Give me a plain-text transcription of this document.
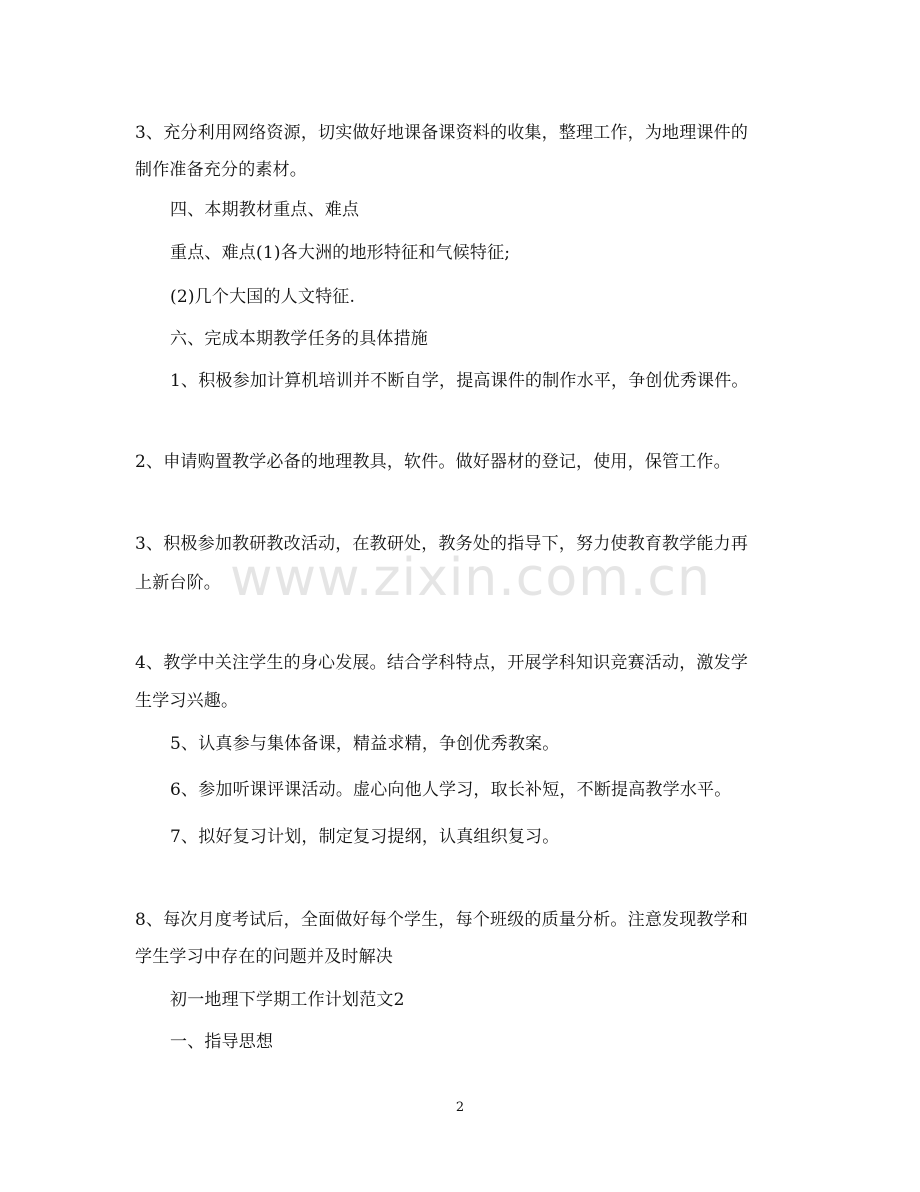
3、充分利用网络资源，切实做好地课备课资料的收集，整理工作，为地理课件的
制作准备充分的素材。
四、本期教材重点、难点
重点、难点(1)各大洲的地形特征和气候特征;
(2)几个大国的人文特征.
六、完成本期教学任务的具体措施
1、积极参加计算机培训并不断自学，提高课件的制作水平，争创优秀课件。
2、申请购置教学必备的地理教具，软件。做好器材的登记，使用，保管工作。
3、积极参加教研教改活动，在教研处，教务处的指导下，努力使教育教学能力再
上新台阶。
4、教学中关注学生的身心发展。结合学科特点，开展学科知识竞赛活动，激发学
生学习兴趣。
5、认真参与集体备课，精益求精，争创优秀教案。
6、参加听课评课活动。虚心向他人学习，取长补短，不断提高教学水平。
7、拟好复习计划，制定复习提纲，认真组织复习。
8、每次月度考试后，全面做好每个学生，每个班级的质量分析。注意发现教学和
学生学习中存在的问题并及时解决
初一地理下学期工作计划范文2
一、指导思想
www.zixin.com.cn
2
